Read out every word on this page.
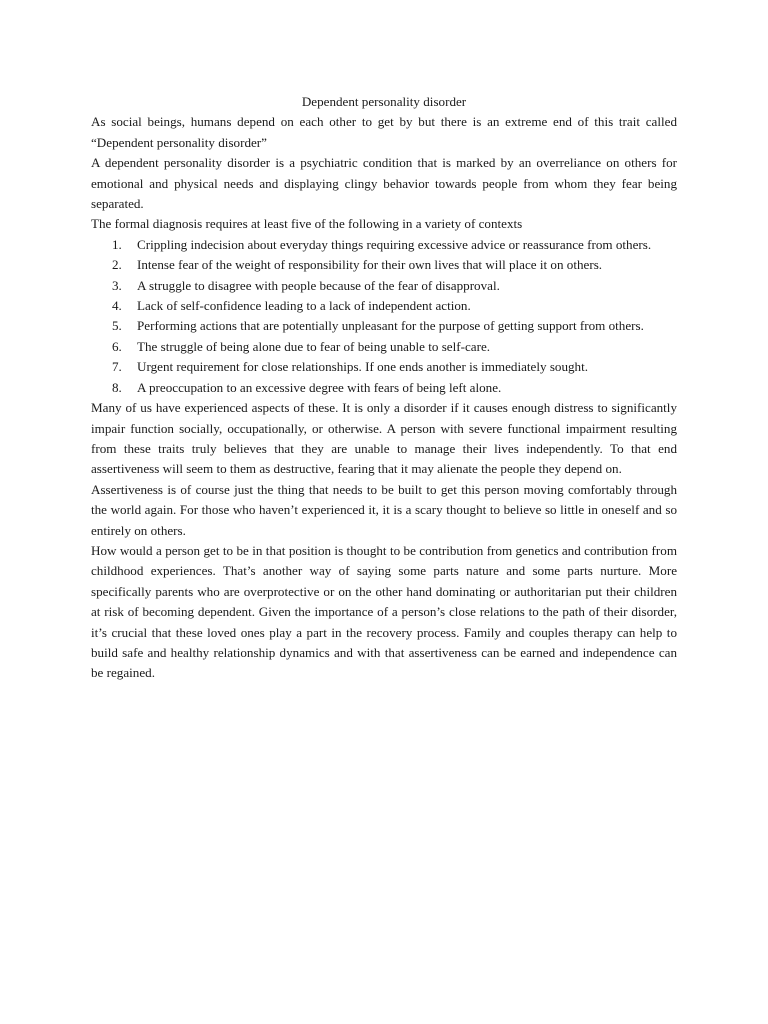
Dependent personality disorder

As social beings, humans depend on each other to get by but there is an extreme end of this trait called “Dependent personality disorder”

A dependent personality disorder is a psychiatric condition that is marked by an overreliance on others for emotional and physical needs and displaying clingy behavior towards people from whom they fear being separated.

The formal diagnosis requires at least five of the following in a variety of contexts

1. Crippling indecision about everyday things requiring excessive advice or reassurance from others.
2. Intense fear of the weight of responsibility for their own lives that will place it on others.
3. A struggle to disagree with people because of the fear of disapproval.
4. Lack of self-confidence leading to a lack of independent action.
5. Performing actions that are potentially unpleasant for the purpose of getting support from others.
6. The struggle of being alone due to fear of being unable to self-care.
7. Urgent requirement for close relationships. If one ends another is immediately sought.
8. A preoccupation to an excessive degree with fears of being left alone.

Many of us have experienced aspects of these. It is only a disorder if it causes enough distress to significantly impair function socially, occupationally, or otherwise. A person with severe functional impairment resulting from these traits truly believes that they are unable to manage their lives independently. To that end assertiveness will seem to them as destructive, fearing that it may alienate the people they depend on.

Assertiveness is of course just the thing that needs to be built to get this person moving comfortably through the world again. For those who haven’t experienced it, it is a scary thought to believe so little in oneself and so entirely on others.

How would a person get to be in that position is thought to be contribution from genetics and contribution from childhood experiences. That’s another way of saying some parts nature and some parts nurture. More specifically parents who are overprotective or on the other hand dominating or authoritarian put their children at risk of becoming dependent. Given the importance of a person’s close relations to the path of their disorder, it’s crucial that these loved ones play a part in the recovery process. Family and couples therapy can help to build safe and healthy relationship dynamics and with that assertiveness can be earned and independence can be regained.
